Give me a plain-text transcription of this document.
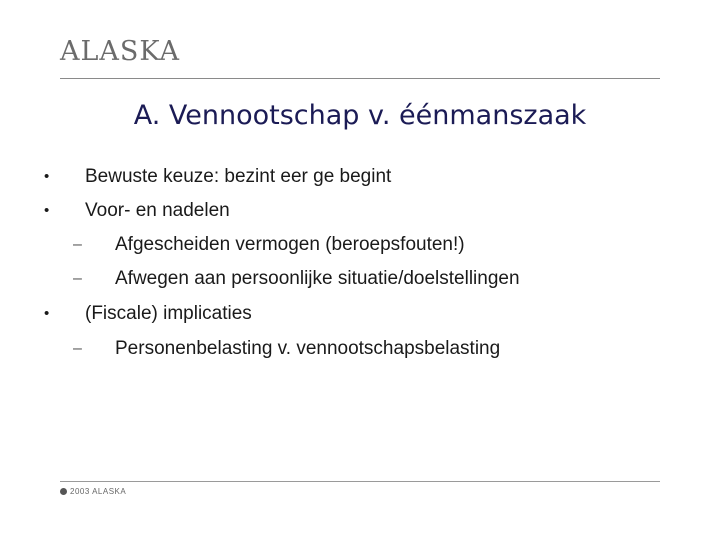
ALASKA
A. Vennootschap v. éénmanszaak
• Bewuste keuze: bezint eer ge begint
• Voor- en nadelen
– Afgescheiden vermogen (beroepsfouten!)
– Afwegen aan persoonlijke situatie/doelstellingen
• (Fiscale) implicaties
– Personenbelasting v. vennootschapsbelasting
2003 ALASKA
